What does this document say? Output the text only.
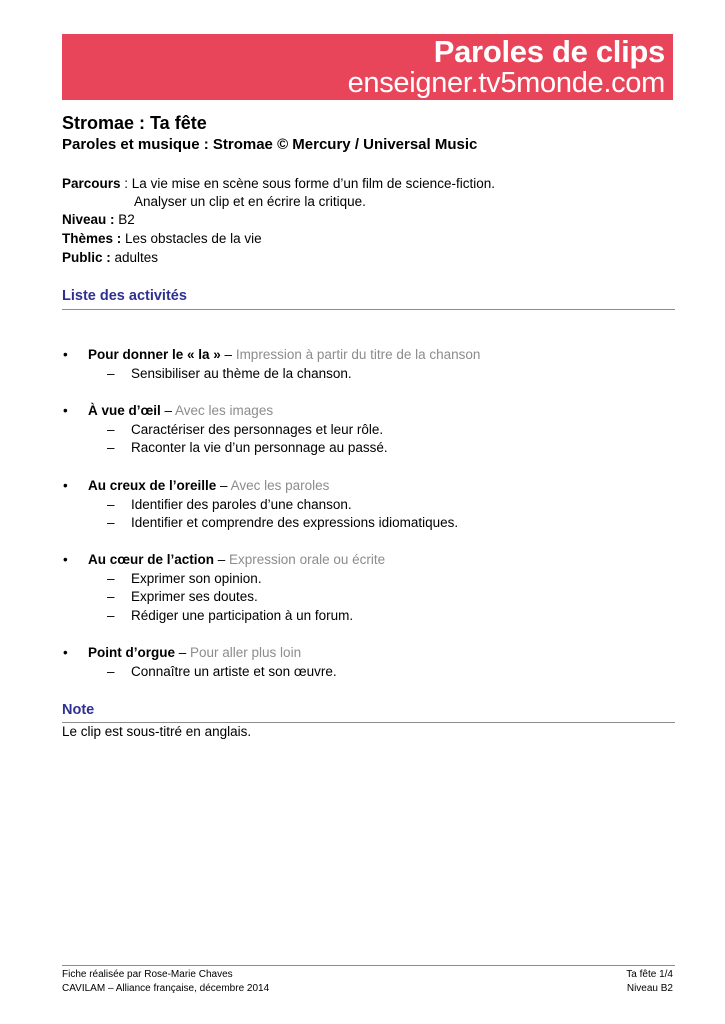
Paroles de clips
enseigner.tv5monde.com
Stromae : Ta fête
Paroles et musique : Stromae © Mercury / Universal Music
Parcours : La vie mise en scène sous forme d’un film de science-fiction.
Analyser un clip et en écrire la critique.
Niveau : B2
Thèmes : Les obstacles de la vie
Public : adultes
Liste des activités
• Pour donner le « la » – Impression à partir du titre de la chanson
– Sensibiliser au thème de la chanson.
• À vue d’œil – Avec les images
– Caractériser des personnages et leur rôle.
– Raconter la vie d’un personnage au passé.
• Au creux de l’oreille – Avec les paroles
– Identifier des paroles d’une chanson.
– Identifier et comprendre des expressions idiomatiques.
• Au cœur de l’action – Expression orale ou écrite
– Exprimer son opinion.
– Exprimer ses doutes.
– Rédiger une participation à un forum.
• Point d’orgue – Pour aller plus loin
– Connaître un artiste et son œuvre.
Note
Le clip est sous-titré en anglais.
Fiche réalisée par Rose-Marie Chaves
CAVILAM – Alliance française, décembre 2014
Ta fête 1/4
Niveau B2
